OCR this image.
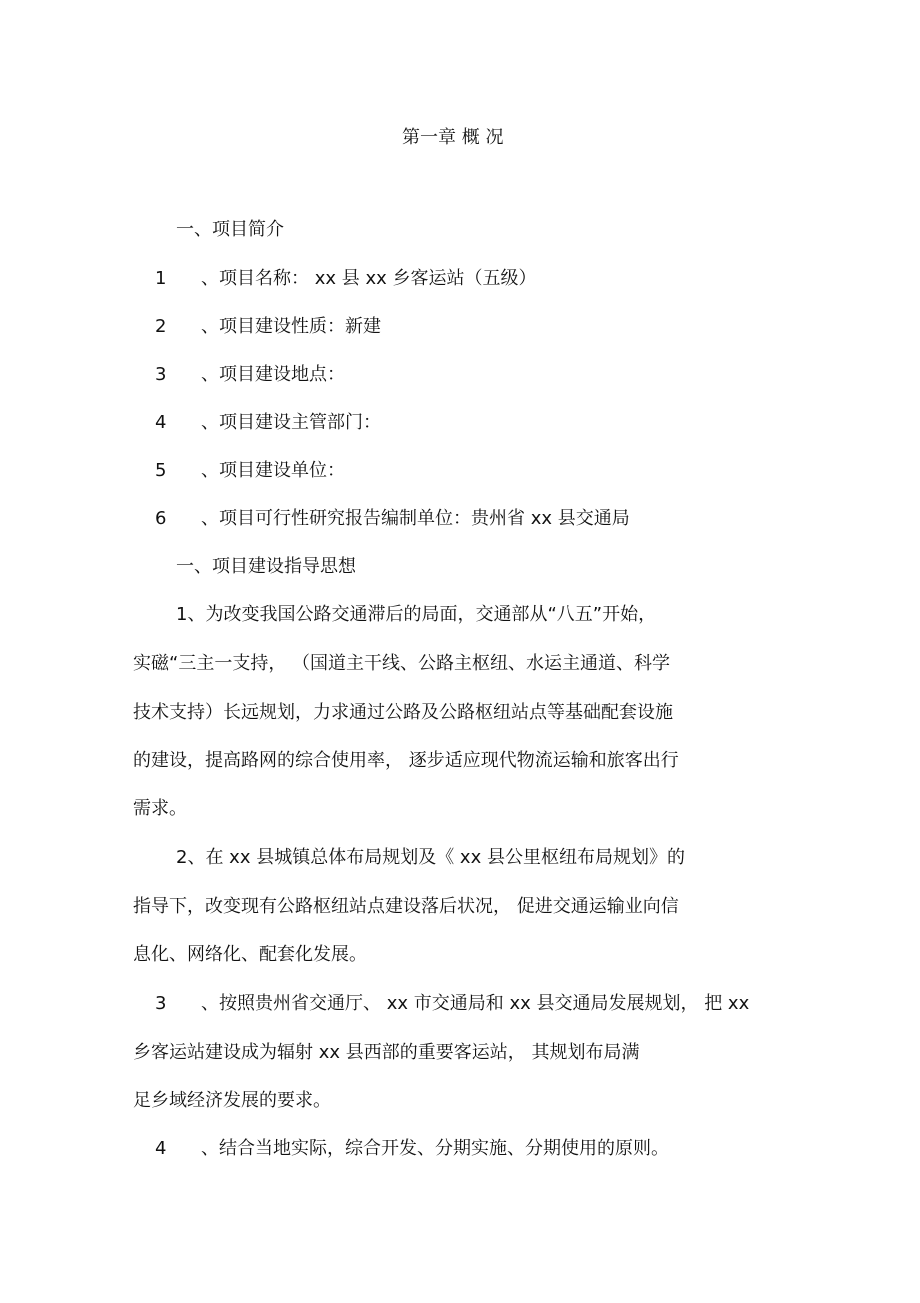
第一章 概 况
一、项目简介
1 、项目名称： xx 县 xx 乡客运站（五级）
2 、项目建设性质：新建
3 、项目建设地点：
4 、项目建设主管部门：
5 、项目建设单位：
6 、项目可行性研究报告编制单位：贵州省 xx 县交通局
一、项目建设指导思想
1、为改变我国公路交通滞后的局面，交通部从“八五”开始，
实磁“三主一支持， （国道主干线、公路主枢纽、水运主通道、科学
技术支持）长远规划，力求通过公路及公路枢纽站点等基础配套设施
的建设，提高路网的综合使用率， 逐步适应现代物流运输和旅客出行
需求。
2、在 xx 县城镇总体布局规划及《 xx 县公里枢纽布局规划》的
指导下，改变现有公路枢纽站点建设落后状况， 促进交通运输业向信
息化、网络化、配套化发展。
3 、按照贵州省交通厅、 xx 市交通局和 xx 县交通局发展规划， 把 xx
乡客运站建设成为辐射 xx 县西部的重要客运站， 其规划布局满
足乡域经济发展的要求。
4 、结合当地实际，综合开发、分期实施、分期使用的原则。
